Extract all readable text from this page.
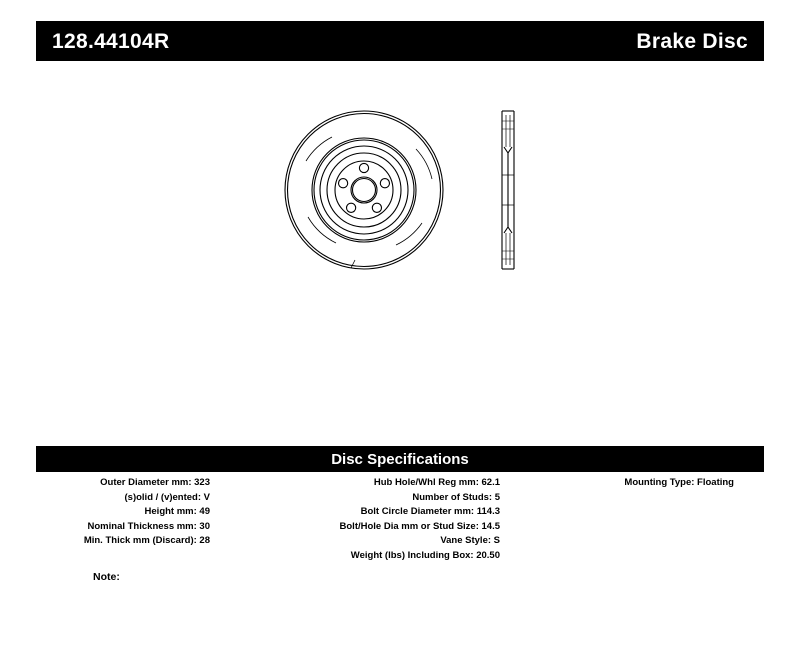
128.44104R	Brake Disc
Disc Specifications
Outer Diameter mm: 323
(s)olid / (v)ented: V
Height mm: 49
Nominal Thickness mm: 30
Min. Thick mm (Discard): 28
Hub Hole/Whl Reg mm: 62.1
Number of Studs: 5
Bolt Circle Diameter mm: 114.3
Bolt/Hole Dia mm or Stud Size: 14.5
Vane Style: S
Weight (lbs) Including Box: 20.50
Mounting Type: Floating
Note:
